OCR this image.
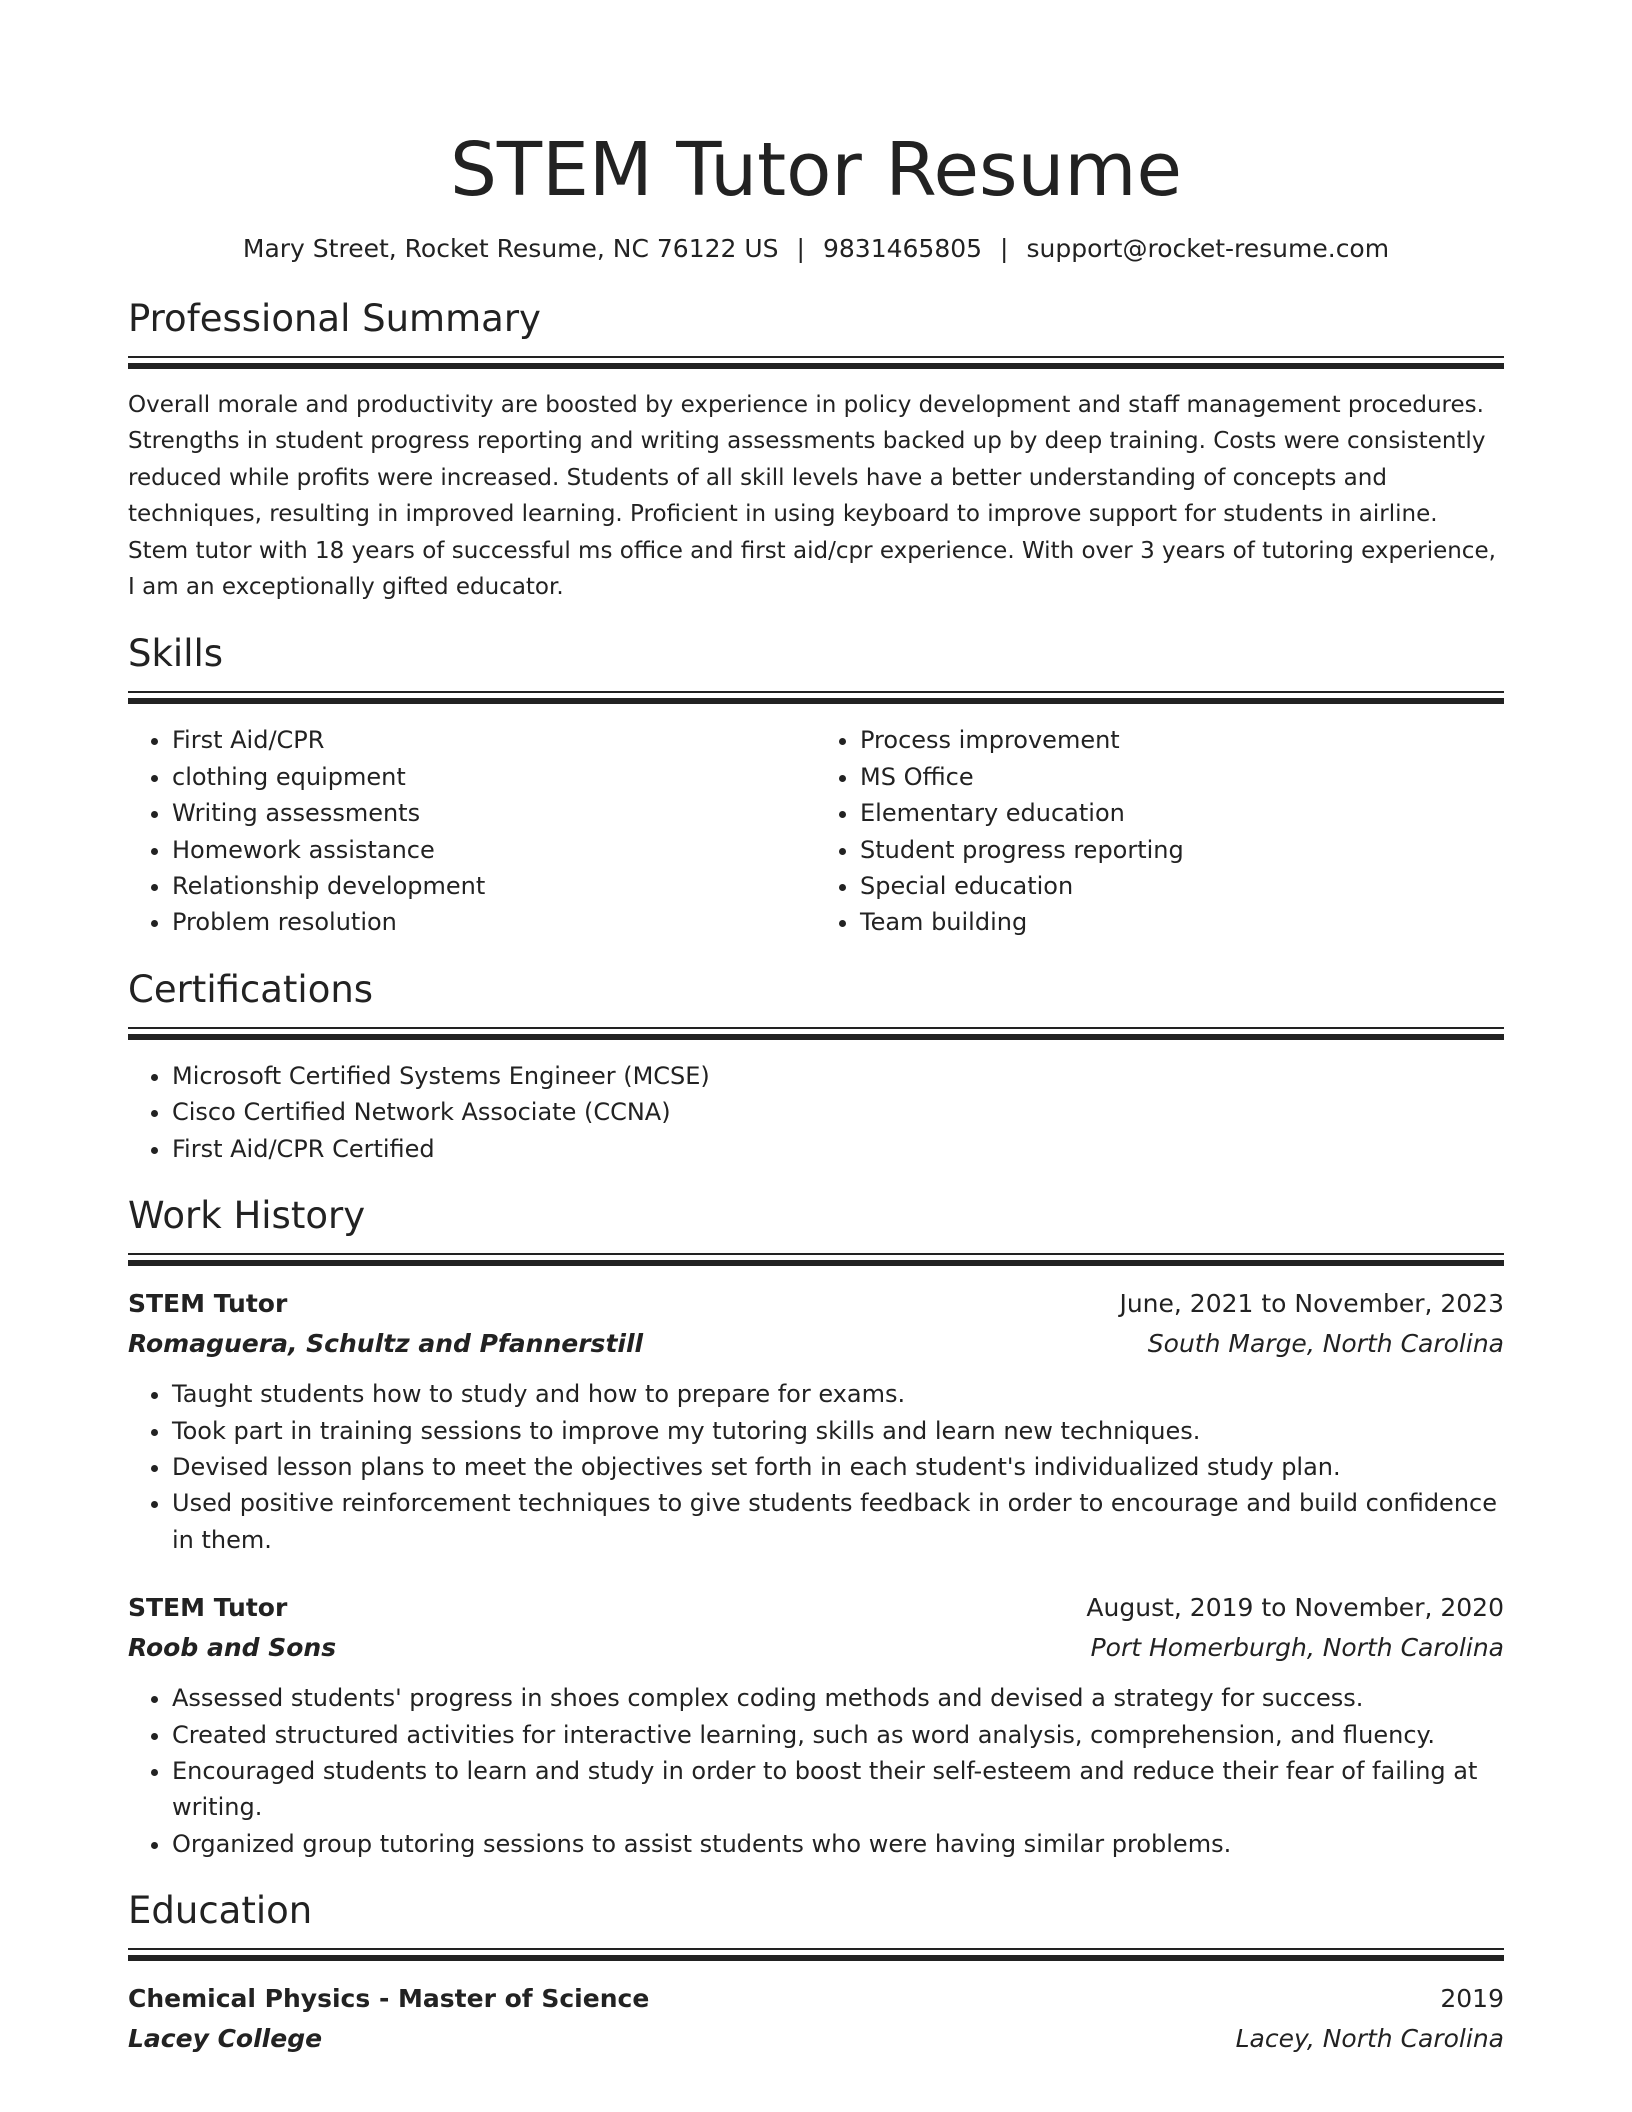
STEM Tutor Resume
Mary Street, Rocket Resume, NC 76122 US | 9831465805 | support@rocket-resume.com
Professional Summary
Overall morale and productivity are boosted by experience in policy development and staff management procedures. Strengths in student progress reporting and writing assessments backed up by deep training. Costs were consistently reduced while profits were increased. Students of all skill levels have a better understanding of concepts and techniques, resulting in improved learning. Proficient in using keyboard to improve support for students in airline. Stem tutor with 18 years of successful ms office and first aid/cpr experience. With over 3 years of tutoring experience, I am an exceptionally gifted educator.
Skills
• First Aid/CPR
• clothing equipment
• Writing assessments
• Homework assistance
• Relationship development
• Problem resolution
• Process improvement
• MS Office
• Elementary education
• Student progress reporting
• Special education
• Team building
Certifications
• Microsoft Certified Systems Engineer (MCSE)
• Cisco Certified Network Associate (CCNA)
• First Aid/CPR Certified
Work History
STEM Tutor	June, 2021 to November, 2023
Romaguera, Schultz and Pfannerstill	South Marge, North Carolina
• Taught students how to study and how to prepare for exams.
• Took part in training sessions to improve my tutoring skills and learn new techniques.
• Devised lesson plans to meet the objectives set forth in each student's individualized study plan.
• Used positive reinforcement techniques to give students feedback in order to encourage and build confidence in them.
STEM Tutor	August, 2019 to November, 2020
Roob and Sons	Port Homerburgh, North Carolina
• Assessed students' progress in shoes complex coding methods and devised a strategy for success.
• Created structured activities for interactive learning, such as word analysis, comprehension, and fluency.
• Encouraged students to learn and study in order to boost their self-esteem and reduce their fear of failing at writing.
• Organized group tutoring sessions to assist students who were having similar problems.
Education
Chemical Physics - Master of Science	2019
Lacey College	Lacey, North Carolina
